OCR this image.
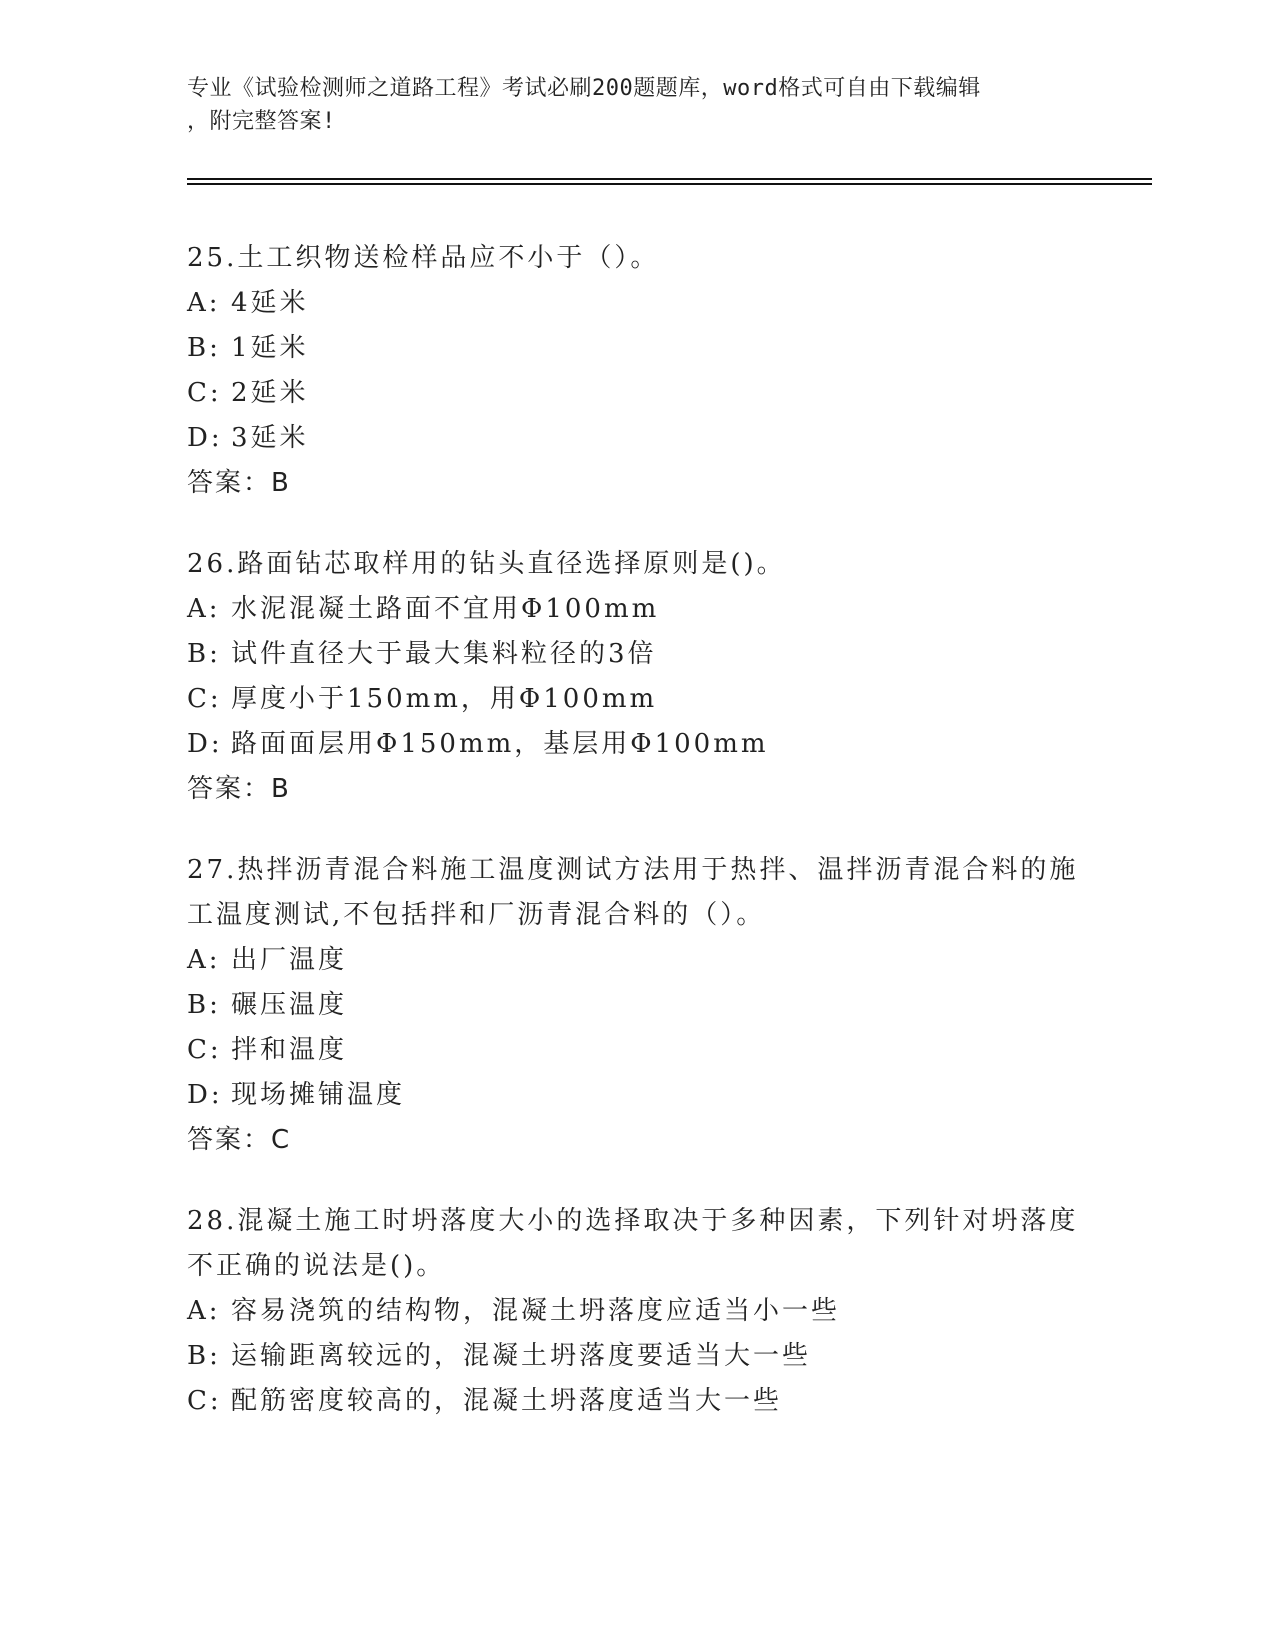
专业《试验检测师之道路工程》考试必刷200题题库，word格式可自由下载编辑
，附完整答案!
25.土工织物送检样品应不小于（）。
A: 4延米
B: 1延米
C: 2延米
D: 3延米
答案：B
26.路面钻芯取样用的钻头直径选择原则是()。
A: 水泥混凝土路面不宜用Φ100mm
B: 试件直径大于最大集料粒径的3倍
C: 厚度小于150mm，用Φ100mm
D: 路面面层用Φ150mm，基层用Φ100mm
答案：B
27.热拌沥青混合料施工温度测试方法用于热拌、温拌沥青混合料的施工温度测试,不包括拌和厂沥青混合料的（）。
A: 出厂温度
B: 碾压温度
C: 拌和温度
D: 现场摊铺温度
答案：C
28.混凝土施工时坍落度大小的选择取决于多种因素，下列针对坍落度不正确的说法是()。
A: 容易浇筑的结构物，混凝土坍落度应适当小一些
B: 运输距离较远的，混凝土坍落度要适当大一些
C: 配筋密度较高的，混凝土坍落度适当大一些
